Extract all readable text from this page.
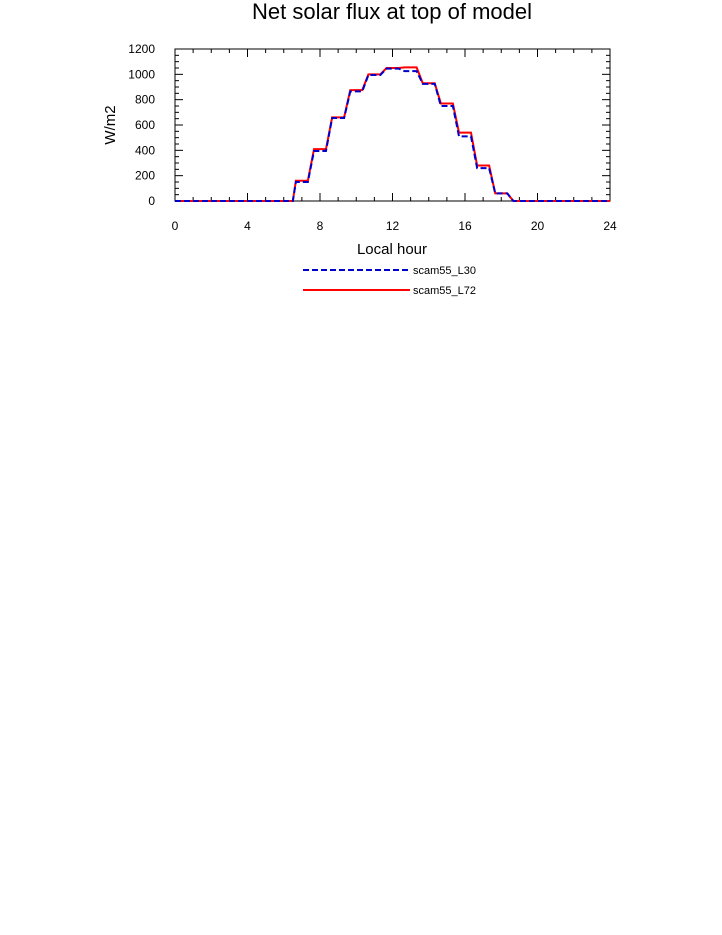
Net solar flux at top of model
0	4	8	12	16	20	24
0
200
400
600
800
1000
1200
Local hour
W/m2
scam55_L30
scam55_L72
